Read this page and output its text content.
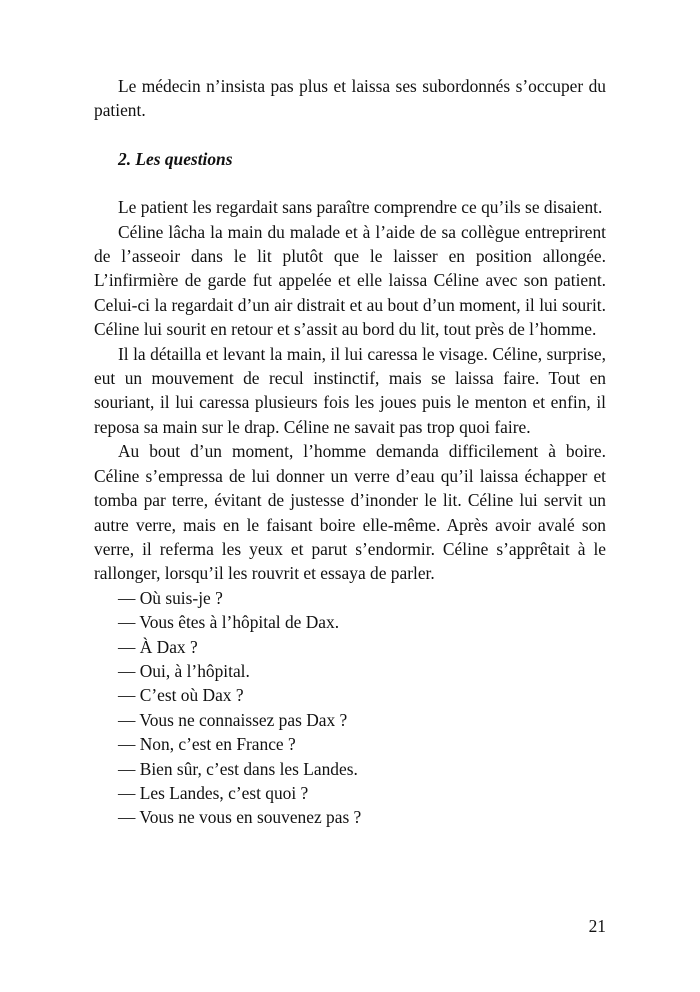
Le médecin n’insista pas plus et laissa ses subordonnés s’occuper du patient.

2. Les questions

Le patient les regardait sans paraître comprendre ce qu’ils se disaient.

Céline lâcha la main du malade et à l’aide de sa collègue entreprirent de l’asseoir dans le lit plutôt que le laisser en position allongée. L’infirmière de garde fut appelée et elle laissa Céline avec son patient. Celui-ci la regardait d’un air distrait et au bout d’un moment, il lui sourit. Céline lui sourit en retour et s’assit au bord du lit, tout près de l’homme.

Il la détailla et levant la main, il lui caressa le visage. Céline, surprise, eut un mouvement de recul instinctif, mais se laissa faire. Tout en souriant, il lui caressa plusieurs fois les joues puis le menton et enfin, il reposa sa main sur le drap. Céline ne savait pas trop quoi faire.

Au bout d’un moment, l’homme demanda difficilement à boire. Céline s’empressa de lui donner un verre d’eau qu’il laissa échapper et tomba par terre, évitant de justesse d’inonder le lit. Céline lui servit un autre verre, mais en le faisant boire elle-même. Après avoir avalé son verre, il referma les yeux et parut s’endormir. Céline s’apprêtait à le rallonger, lorsqu’il les rouvrit et essaya de parler.

— Où suis-je ?
— Vous êtes à l’hôpital de Dax.
— À Dax ?
— Oui, à l’hôpital.
— C’est où Dax ?
— Vous ne connaissez pas Dax ?
— Non, c’est en France ?
— Bien sûr, c’est dans les Landes.
— Les Landes, c’est quoi ?
— Vous ne vous en souvenez pas ?
21
